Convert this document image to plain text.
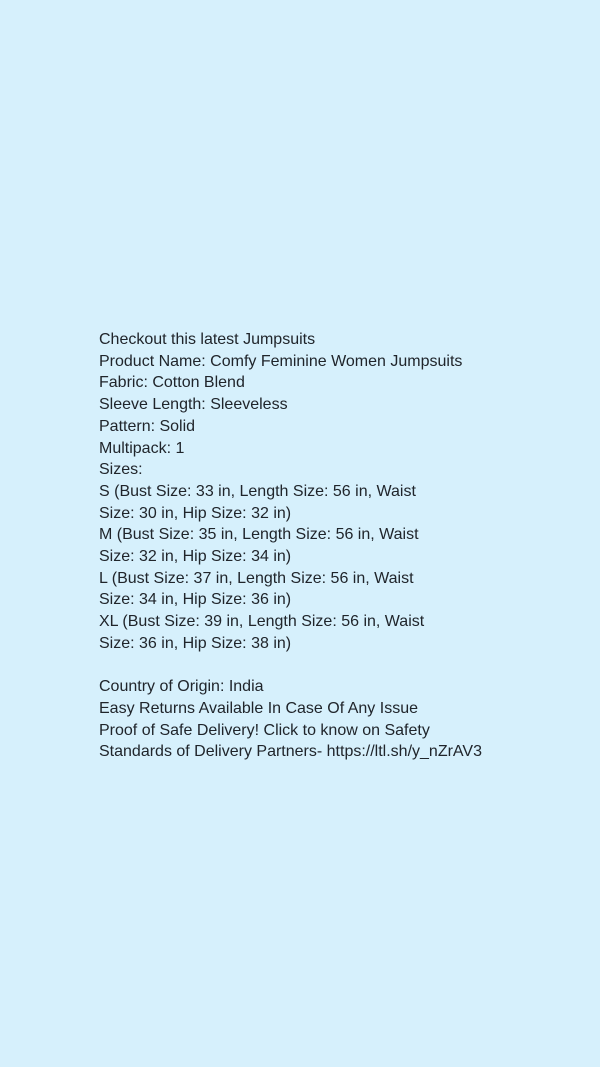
Checkout this latest Jumpsuits
Product Name: Comfy Feminine Women Jumpsuits
Fabric: Cotton Blend
Sleeve Length: Sleeveless
Pattern: Solid
Multipack: 1
Sizes:
S (Bust Size: 33 in, Length Size: 56 in, Waist
Size: 30 in, Hip Size: 32 in)
M (Bust Size: 35 in, Length Size: 56 in, Waist
Size: 32 in, Hip Size: 34 in)
L (Bust Size: 37 in, Length Size: 56 in, Waist
Size: 34 in, Hip Size: 36 in)
XL (Bust Size: 39 in, Length Size: 56 in, Waist
Size: 36 in, Hip Size: 38 in)
Country of Origin: India
Easy Returns Available In Case Of Any Issue
Proof of Safe Delivery! Click to know on Safety
Standards of Delivery Partners- https://ltl.sh/y_nZrAV3
